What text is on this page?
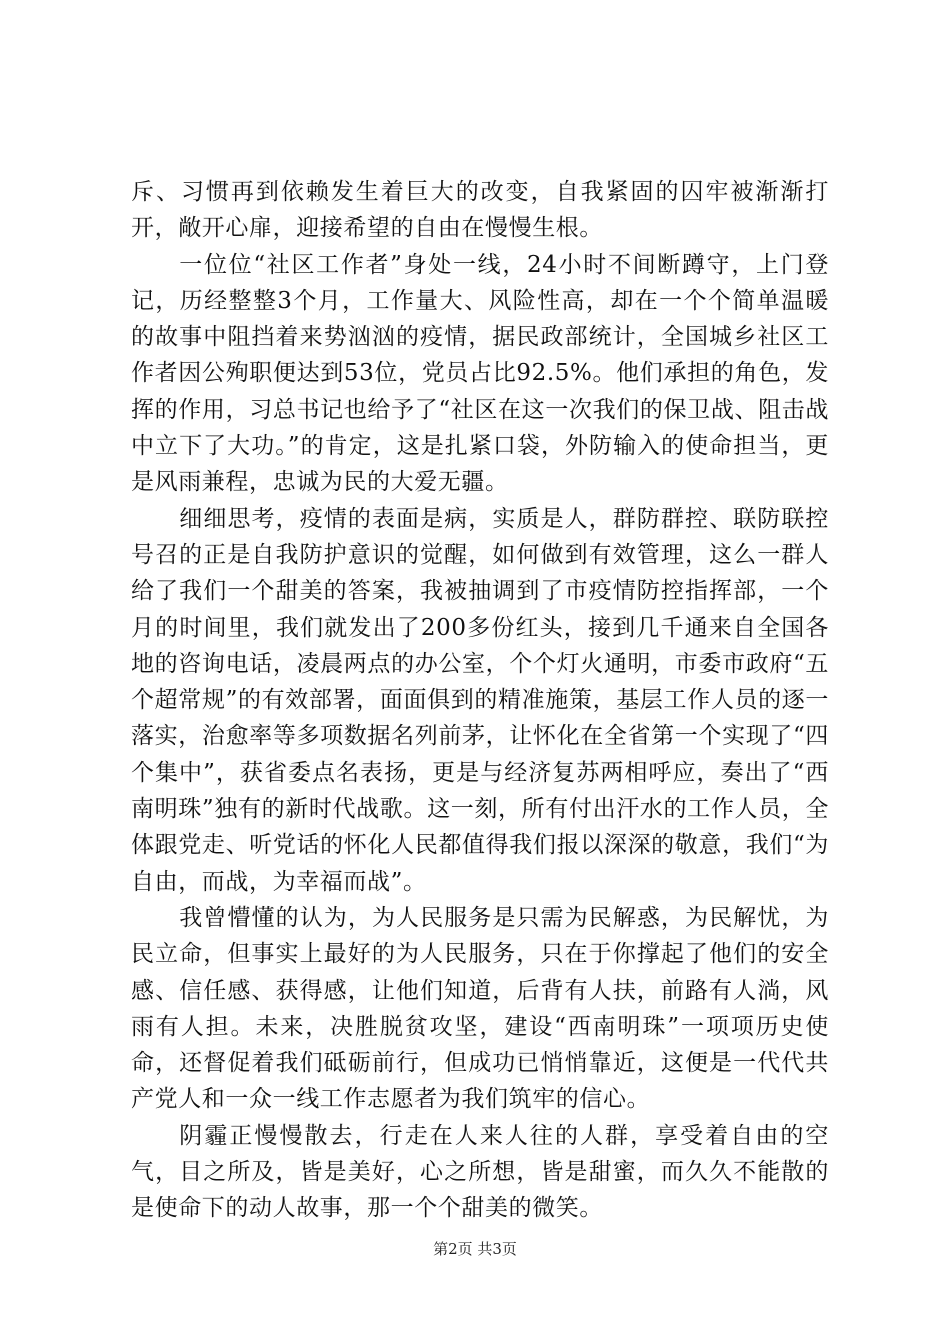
斥、习惯再到依赖发生着巨大的改变，自我紧固的囚牢被渐渐打开，敞开心扉，迎接希望的自由在慢慢生根。

一位位“社区工作者”身处一线，24小时不间断蹲守，上门登记，历经整整3个月，工作量大、风险性高，却在一个个简单温暖的故事中阻挡着来势汹汹的疫情，据民政部统计，全国城乡社区工作者因公殉职便达到53位，党员占比92.5%。他们承担的角色，发挥的作用，习总书记也给予了“社区在这一次我们的保卫战、阻击战中立下了大功。”的肯定，这是扎紧口袋，外防输入的使命担当，更是风雨兼程，忠诚为民的大爱无疆。

细细思考，疫情的表面是病，实质是人，群防群控、联防联控号召的正是自我防护意识的觉醒，如何做到有效管理，这么一群人给了我们一个甜美的答案，我被抽调到了市疫情防控指挥部，一个月的时间里，我们就发出了200多份红头，接到几千通来自全国各地的咨询电话，凌晨两点的办公室，个个灯火通明，市委市政府“五个超常规”的有效部署，面面俱到的精准施策，基层工作人员的逐一落实，治愈率等多项数据名列前茅，让怀化在全省第一个实现了“四个集中”，获省委点名表扬，更是与经济复苏两相呼应，奏出了“西南明珠”独有的新时代战歌。这一刻，所有付出汗水的工作人员，全体跟党走、听党话的怀化人民都值得我们报以深深的敬意，我们“为自由，而战，为幸福而战”。

我曾懵懂的认为，为人民服务是只需为民解惑，为民解忧，为民立命，但事实上最好的为人民服务，只在于你撑起了他们的安全感、信任感、获得感，让他们知道，后背有人扶，前路有人淌，风雨有人担。未来，决胜脱贫攻坚，建设“西南明珠”一项项历史使命，还督促着我们砥砺前行，但成功已悄悄靠近，这便是一代代共产党人和一众一线工作志愿者为我们筑牢的信心。

阴霾正慢慢散去，行走在人来人往的人群，享受着自由的空气，目之所及，皆是美好，心之所想，皆是甜蜜，而久久不能散的是使命下的动人故事，那一个个甜美的微笑。

第2页 共3页
